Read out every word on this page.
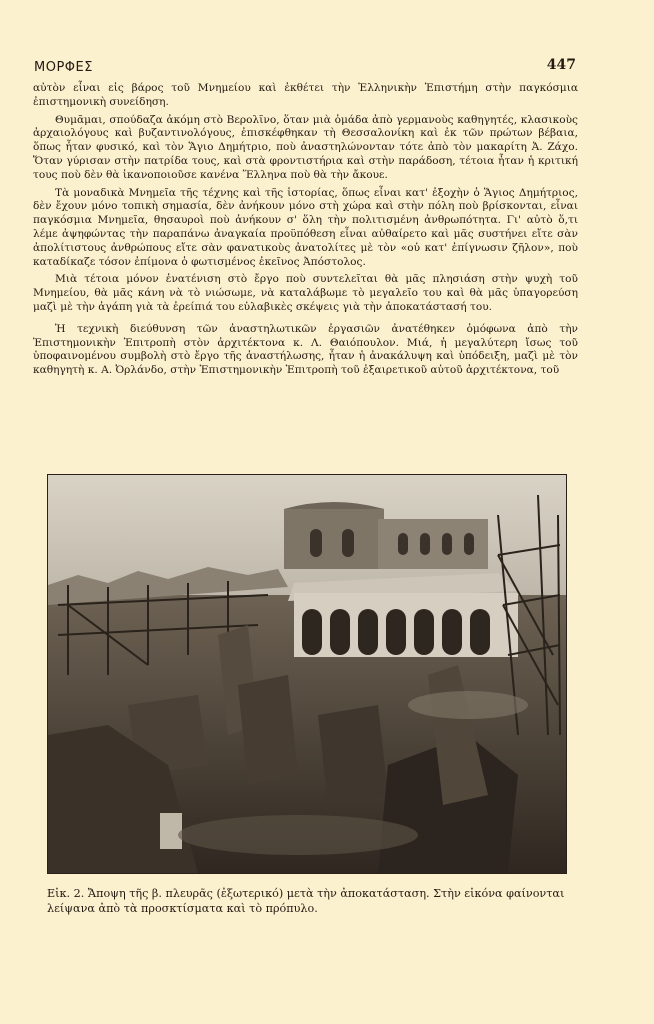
ΜΟΡΦΕΣ	447

αὐτὸν εἶναι εἰς βάρος τοῦ Μνημείου καὶ ἐκθέτει τὴν Ἑλληνικὴν Ἐπιστήμη στὴν παγκόσμια ἐπιστημονικὴ συνείδηση.

Θυμᾶμαι, σπούδαζα ἀκόμη στὸ Βερολῖνο, ὅταν μιὰ ὁμάδα ἀπὸ γερμανοὺς καθηγητές, κλασικοὺς ἀρχαιολόγους καὶ βυζαντινολόγους, ἐπισκέφθηκαν τὴ Θεσσαλονίκη καὶ ἐκ τῶν πρώτων βέβαια, ὅπως ἦταν φυσικό, καὶ τὸν Ἅγιο Δημήτριο, ποὺ ἀναστηλώνονταν τότε ἀπὸ τὸν μακαρίτη Ἀ. Ζάχο. Ὅταν γύρισαν στὴν πατρίδα τους, καὶ στὰ φροντιστήρια καὶ στὴν παράδοση, τέτοια ἦταν ἡ κριτική τους ποὺ δὲν θὰ ἱκανοποιοῦσε κανένα Ἕλληνα ποὺ θὰ τὴν ἄκουε.

Τὰ μοναδικὰ Μνημεῖα τῆς τέχνης καὶ τῆς ἱστορίας, ὅπως εἶναι κατ' ἐξοχὴν ὁ Ἅγιος Δημήτριος, δὲν ἔχουν μόνο τοπικὴ σημασία, δὲν ἀνήκουν μόνο στὴ χώρα καὶ στὴν πόλη ποὺ βρίσκονται, εἶναι παγκόσμια Μνημεῖα, θησαυροὶ ποὺ ἀνήκουν σ' ὅλη τὴν πολιτισμένη ἀνθρωπότητα. Γι' αὐτὸ ὅ,τι λέμε ἀψηφώντας τὴν παραπάνω ἀναγκαία προϋπόθεση εἶναι αὐθαίρετο καὶ μᾶς συστήνει εἴτε σὰν ἀπολίτιστους ἀνθρώπους εἴτε σὰν φανατικοὺς ἀνατολίτες μὲ τὸν «οὐ κατ' ἐπίγνωσιν ζῆλον», ποὺ καταδίκαζε τόσον ἐπίμονα ὁ φωτισμένος ἐκεῖνος Ἀπόστολος.

Μιὰ τέτοια μόνον ἐνατένιση στὸ ἔργο ποὺ συντελεῖται θὰ μᾶς πλησιάση στὴν ψυχὴ τοῦ Μνημείου, θὰ μᾶς κάνη νὰ τὸ νιώσωμε, νὰ καταλάβωμε τὸ μεγαλεῖο του καὶ θὰ μᾶς ὑπαγορεύση μαζὶ μὲ τὴν ἀγάπη γιὰ τὰ ἐρείπιά του εὐλαβικὲς σκέψεις γιὰ τὴν ἀποκατάστασή του.

Ἡ τεχνικὴ διεύθυνση τῶν ἀναστηλωτικῶν ἐργασιῶν ἀνατέθηκεν ὁμόφωνα ἀπὸ τὴν Ἐπιστημονικὴν Ἐπιτροπὴ στὸν ἀρχιτέκτονα κ. Λ. Θαιόπουλον. Μιά, ἡ μεγαλύτερη ἴσως τοῦ ὑποφαινομένου συμβολὴ στὸ ἔργο τῆς ἀναστήλωσης, ἦταν ἡ ἀνακάλυψη καὶ ὑπόδειξη, μαζὶ μὲ τὸν καθηγητὴ κ. Α. Ὀρλάνδο, στὴν Ἐπιστημονικὴν Ἐπιτροπὴ τοῦ ἐξαιρετικοῦ αὐτοῦ ἀρχιτέκτονα, τοῦ

Εἰκ. 2. Ἄποψη τῆς β. πλευρᾶς (ἐξωτερικό) μετὰ τὴν ἀποκατάσταση. Στὴν εἰκόνα φαίνονται λείψανα ἀπὸ τὰ προσκτίσματα καὶ τὸ πρόπυλο.
